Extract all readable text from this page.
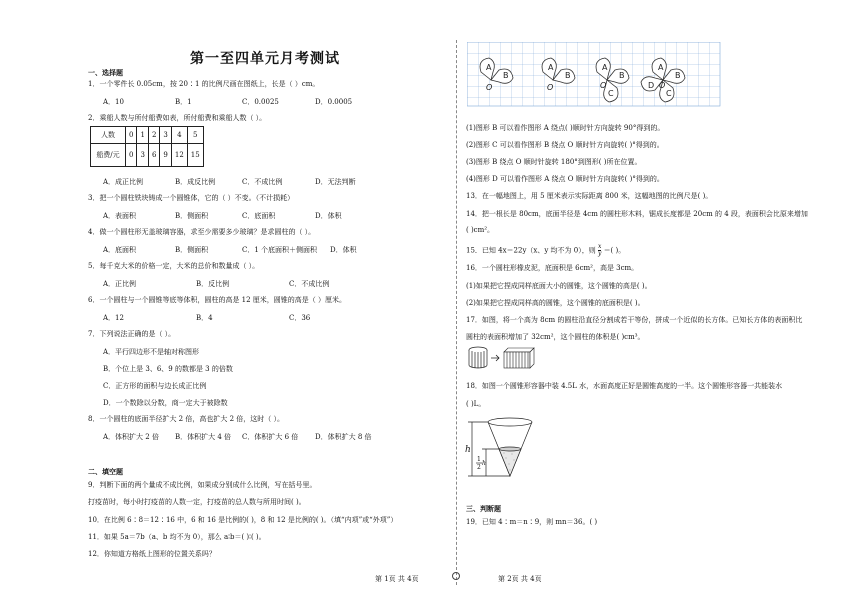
第一至四单元月考测试
一、选择题
1．一个零件长 0.05cm，按 20∶1 的比例尺画在图纸上，长是（ ）cm。
A．10	B．1	C．0.0025	D．0.0005
2．乘船人数与所付船费如表，所付船费和乘船人数（ ）。
人数	0	1	2	3	4	5
船费/元	0	3	6	9	12	15
A．成正比例	B．成反比例	C．不成比例	D．无法判断
3．把一个圆柱铁块铸成一个圆锥体，它的（ ）不变。（不计损耗）
A．表面积	B．侧面积	C．底面积	D．体积
4．做一个圆柱形无盖玻璃容器，求至少需要多少玻璃？是求圆柱的（ ）。
A．底面积	B．侧面积	C．1 个底面积＋侧面积 D．体积
5．每千克大米的价格一定，大米的总价和数量成（ ）。
A．正比例	B．反比例	C．不成比例
6．一个圆柱与一个圆锥等底等体积，圆柱的高是 12 厘米，圆锥的高是（ ）厘米。
A．12	B．4	C．36
7．下列说法正确的是（ ）。
A．平行四边形不是轴对称图形
B．个位上是 3、6、9 的数都是 3 的倍数
C．正方形的面积与边长成正比例
D．一个数除以分数，商一定大于被除数
8．一个圆柱的底面半径扩大 2 倍，高也扩大 2 倍，这时（ ）。
A．体积扩大 2 倍 B．体积扩大 4 倍 C．体积扩大 6 倍 D．体积扩大 8 倍
二、填空题
9．判断下面的两个量成不成比例，如果成分别成什么比例，写在括号里。
打疫苗时，每小时打疫苗的人数一定，打疫苗的总人数与所用时间( )。
10．在比例 6∶8＝12∶16 中，6 和 16 是比例的( )，8 和 12 是比例的( )。（填“内项”或“外项”）
11．如果 5a＝7b（a、b 均不为 0），那么 a∶b＝( )∶( )。
12．你知道方格纸上图形的位置关系吗？
A
B
O
A
B
O
A
B
C
O
A
B
C
D O
(1)图形 B 可以看作图形 A 绕点( )顺时针方向旋转 90°得到的。
(2)图形 C 可以看作图形 B 绕点 O 顺时针方向旋转( )°得到的。
(3)图形 B 绕点 O 顺时针旋转 180°到图形( )所在位置。
(4)图形 D 可以看作图形 A 绕点 O 顺时针方向旋转( )°得到的。
13．在一幅地图上，用 5 厘米表示实际距离 800 米，这幅地图的比例尺是( )。
14．把一根长是 80cm，底面半径是 4cm 的圆柱形木料，锯成长度都是 20cm 的 4 段，表面积会比原来增加
( )cm²。
15．已知 4x＝22y（x、y 均不为 0），则 $\frac{x}{y}$ ＝( )。
16．一个圆柱形橡皮泥，底面积是 6cm²，高是 3cm。
(1)如果把它捏成同样底面大小的圆锥，这个圆锥的高是( )。
(2)如果把它捏成同样高的圆锥，这个圆锥的底面积是( )。
17．如图，将一个高为 8cm 的圆柱沿直径分割成若干等份，拼成一个近似的长方体。已知长方体的表面积比
圆柱的表面积增加了 32cm²，这个圆柱的体积是( )cm³。
18．如图一个圆锥形容器中装 4.5L 水，水面高度正好是圆锥高度的一半。这个圆锥形容器一共能装水
( )L。
h
1
2
h
三、判断题
19．已知 4∶m＝n∶9，则 mn＝36。( )
第 1页 共 4页	第 2页 共 4页
